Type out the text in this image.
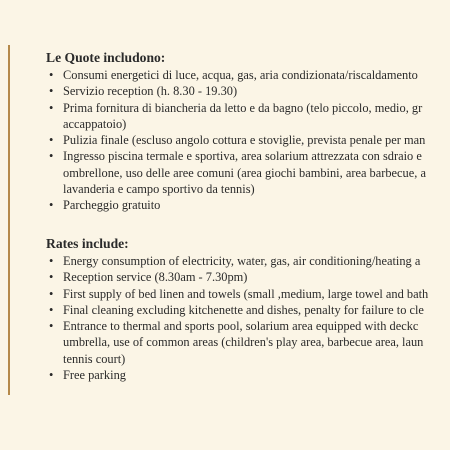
Le Quote includono:
• Consumi energetici di luce, acqua, gas, aria condizionata/riscaldamento
• Servizio reception (h. 8.30 - 19.30)
• Prima fornitura di biancheria da letto e da bagno (telo piccolo, medio, gr
accappatoio)
• Pulizia finale (escluso angolo cottura e stoviglie, prevista penale per man
• Ingresso piscina termale e sportiva, area solarium attrezzata con sdraio e
ombrellone, uso delle aree comuni (area giochi bambini, area barbecue, a
lavanderia e campo sportivo da tennis)
• Parcheggio gratuito
Rates include:
• Energy consumption of electricity, water, gas, air conditioning/heating a
• Reception service (8.30am - 7.30pm)
• First supply of bed linen and towels (small ,medium, large towel and bath
• Final cleaning excluding kitchenette and dishes, penalty for failure to cle
• Entrance to thermal and sports pool, solarium area equipped with deckc
umbrella, use of common areas (children's play area, barbecue area, laun
tennis court)
• Free parking
